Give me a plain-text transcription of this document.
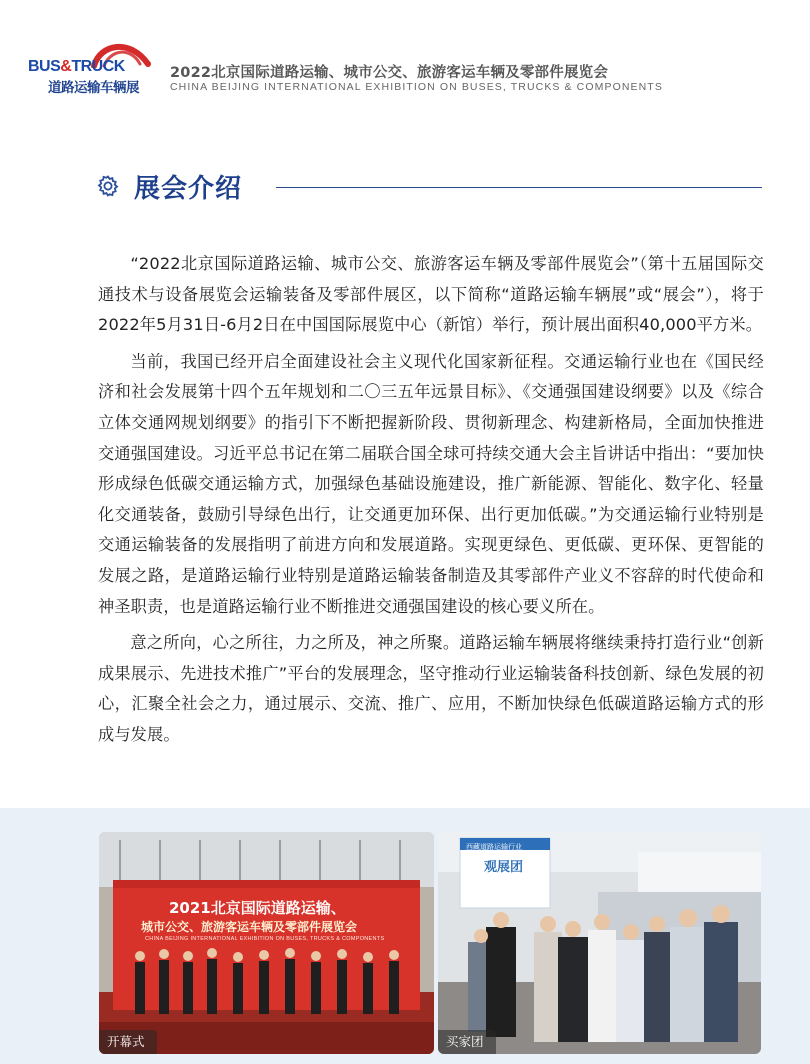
BUS&TRUCK
道路运输车辆展
2022北京国际道路运输、城市公交、旅游客运车辆及零部件展览会
CHINA BEIJING INTERNATIONAL EXHIBITION ON BUSES, TRUCKS & COMPONENTS
展会介绍

“2022北京国际道路运输、城市公交、旅游客运车辆及零部件展览会”（第十五届国际交通技术与设备展览会运输装备及零部件展区，以下简称“道路运输车辆展”或“展会”），将于2022年5月31日-6月2日在中国国际展览中心（新馆）举行，预计展出面积40,000平方米。

当前，我国已经开启全面建设社会主义现代化国家新征程。交通运输行业也在《国民经济和社会发展第十四个五年规划和二〇三五年远景目标》、《交通强国建设纲要》以及《综合立体交通网规划纲要》的指引下不断把握新阶段、贯彻新理念、构建新格局，全面加快推进交通强国建设。习近平总书记在第二届联合国全球可持续交通大会主旨讲话中指出：“要加快形成绿色低碳交通运输方式，加强绿色基础设施建设，推广新能源、智能化、数字化、轻量化交通装备，鼓励引导绿色出行，让交通更加环保、出行更加低碳。”为交通运输行业特别是交通运输装备的发展指明了前进方向和发展道路。实现更绿色、更低碳、更环保、更智能的发展之路，是道路运输行业特别是道路运输装备制造及其零部件产业义不容辞的时代使命和神圣职责，也是道路运输行业不断推进交通强国建设的核心要义所在。

意之所向，心之所往，力之所及，神之所聚。道路运输车辆展将继续秉持打造行业“创新成果展示、先进技术推广”平台的发展理念，坚守推动行业运输装备科技创新、绿色发展的初心，汇聚全社会之力，通过展示、交流、推广、应用，不断加快绿色低碳道路运输方式的形成与发展。

2021北京国际道路运输、
城市公交、旅游客运车辆及零部件展览会
CHINA BEIJING INTERNATIONAL EXHIBITION ON BUSES, TRUCKS & COMPONENTS
开幕式
西藏道路运输行业
观展团
买家团
